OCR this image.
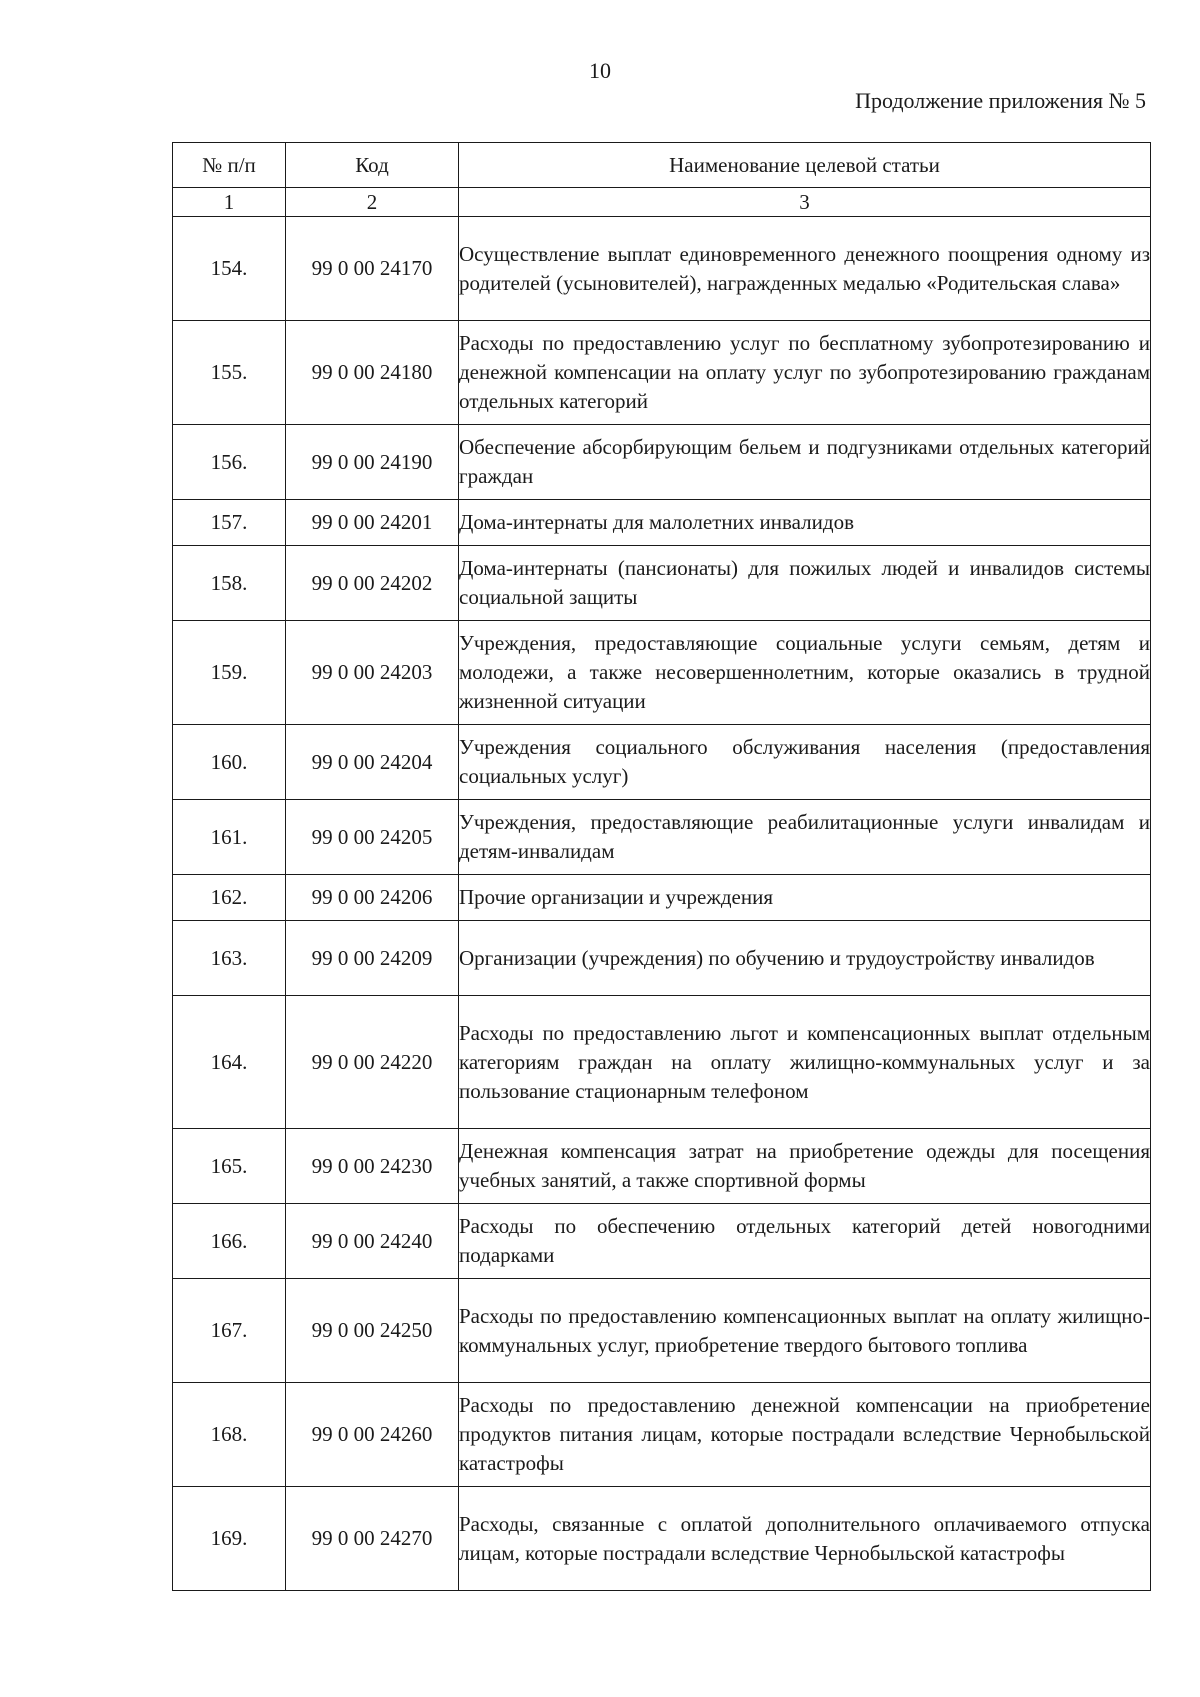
10
Продолжение приложения № 5
№ п/п	Код	Наименование целевой статьи
1	2	3
154.	99 0 00 24170	Осуществление выплат единовременного денежного поощрения одному из родителей (усыновителей), награжденных медалью «Родительская слава»
155.	99 0 00 24180	Расходы по предоставлению услуг по бесплатному зубопротезированию и денежной компенсации на оплату услуг по зубопротезированию гражданам отдельных категорий
156.	99 0 00 24190	Обеспечение абсорбирующим бельем и подгузниками отдельных категорий граждан
157.	99 0 00 24201	Дома-интернаты для малолетних инвалидов
158.	99 0 00 24202	Дома-интернаты (пансионаты) для пожилых людей и инвалидов системы социальной защиты
159.	99 0 00 24203	Учреждения, предоставляющие социальные услуги семьям, детям и молодежи, а также несовершеннолетним, которые оказались в трудной жизненной ситуации
160.	99 0 00 24204	Учреждения социального обслуживания населения (предоставления социальных услуг)
161.	99 0 00 24205	Учреждения, предоставляющие реабилитационные услуги инвалидам и детям-инвалидам
162.	99 0 00 24206	Прочие организации и учреждения
163.	99 0 00 24209	Организации (учреждения) по обучению и трудоустройству инвалидов
164.	99 0 00 24220	Расходы по предоставлению льгот и компенсационных выплат отдельным категориям граждан на оплату жилищно-коммунальных услуг и за пользование стационарным телефоном
165.	99 0 00 24230	Денежная компенсация затрат на приобретение одежды для посещения учебных занятий, а также спортивной формы
166.	99 0 00 24240	Расходы по обеспечению отдельных категорий детей новогодними подарками
167.	99 0 00 24250	Расходы по предоставлению компенсационных выплат на оплату жилищно-коммунальных услуг, приобретение твердого бытового топлива
168.	99 0 00 24260	Расходы по предоставлению денежной компенсации на приобретение продуктов питания лицам, которые пострадали вследствие Чернобыльской катастрофы
169.	99 0 00 24270	Расходы, связанные с оплатой дополнительного оплачиваемого отпуска лицам, которые пострадали вследствие Чернобыльской катастрофы
